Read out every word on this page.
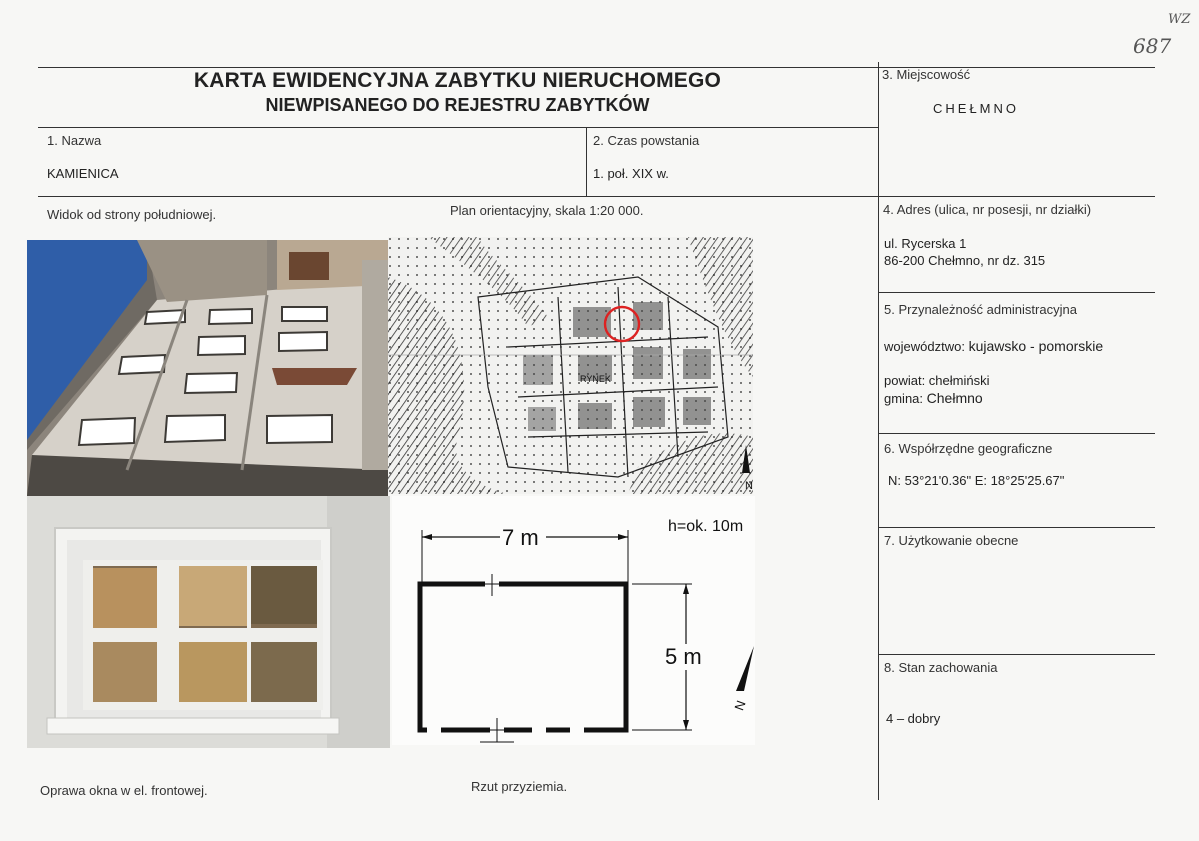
WZ
687
KARTA EWIDENCYJNA ZABYTKU NIERUCHOMEGO
NIEWPISANEGO DO REJESTRU ZABYTKÓW
1. Nazwa
KAMIENICA
2. Czas powstania
1. poł. XIX w.
3. Miejscowość
CHEŁMNO
4. Adres (ulica, nr posesji, nr działki)
ul. Rycerska 1
86-200 Chełmno, nr dz. 315
5. Przynależność administracyjna
województwo: kujawsko - pomorskie
powiat: chełmiński
gmina: Chełmno
6. Współrzędne geograficzne
N: 53°21'0.36" E: 18°25'25.67"
7. Użytkowanie obecne
8. Stan zachowania
4 – dobry
Widok od strony południowej.	Plan orientacyjny, skala 1:20 000.
Oprawa okna w el. frontowej.	Rzut przyziemia.
RYNEK
N
N
7 m	h=ok. 10m
5 m
